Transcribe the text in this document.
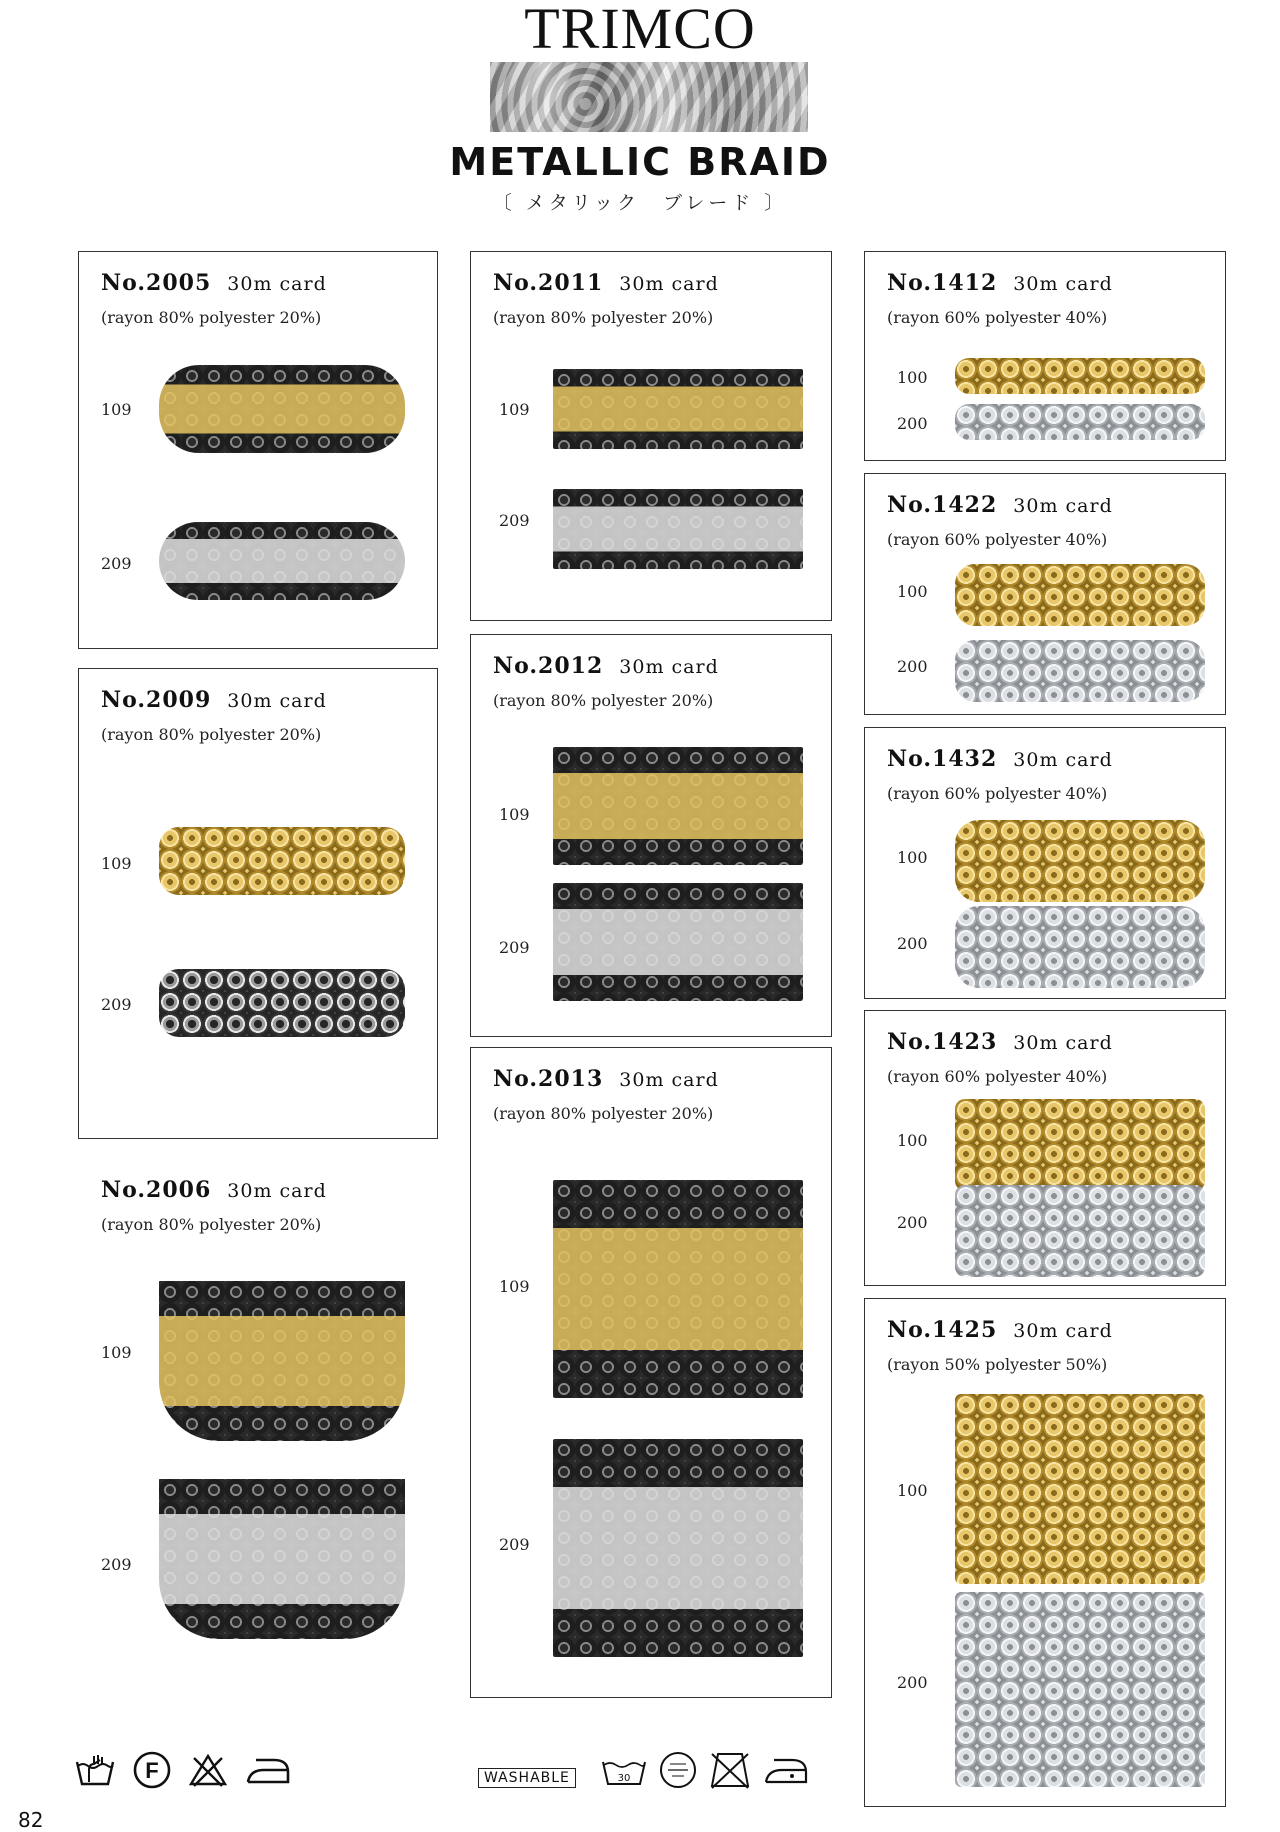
TRIMCO
METALLIC BRAID
〔 メタリック　ブレード 〕
No.2005 30m card
(rayon 80% polyester 20%)
109
209
No.2009 30m card
(rayon 80% polyester 20%)
109
209
No.2006 30m card
(rayon 80% polyester 20%)
109
209
No.2011 30m card
(rayon 80% polyester 20%)
109
209
No.2012 30m card
(rayon 80% polyester 20%)
109
209
No.2013 30m card
(rayon 80% polyester 20%)
109
209
No.1412 30m card
(rayon 60% polyester 40%)
100
200
No.1422 30m card
(rayon 60% polyester 40%)
100
200
No.1432 30m card
(rayon 60% polyester 40%)
100
200
No.1423 30m card
(rayon 60% polyester 40%)
100
200
No.1425 30m card
(rayon 50% polyester 50%)
100
200
F	WASHABLE	30
82
